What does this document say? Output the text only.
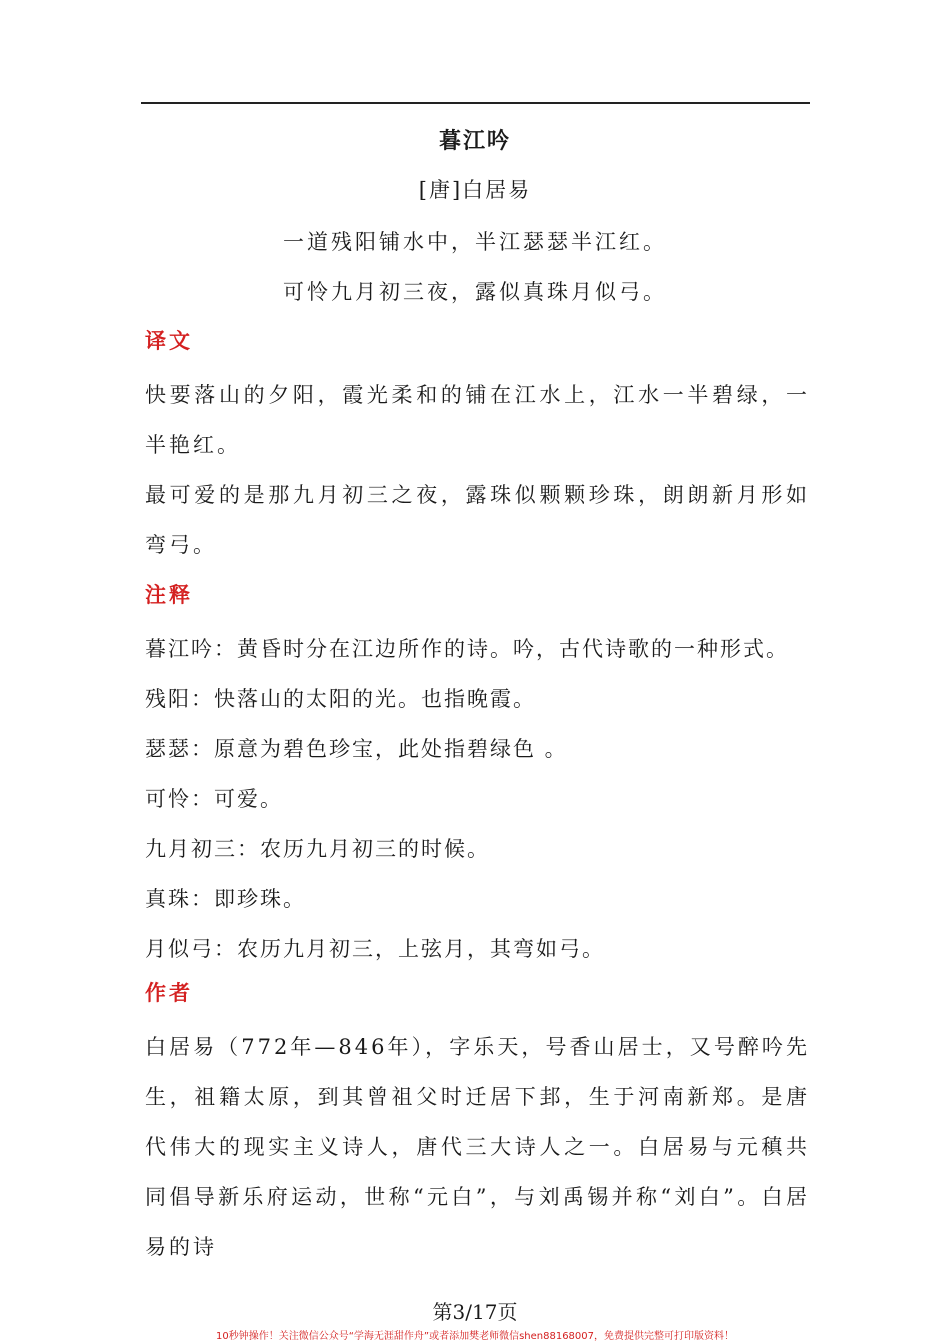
暮江吟
[唐]白居易
一道残阳铺水中，半江瑟瑟半江红。
可怜九月初三夜，露似真珠月似弓。
译文

快要落山的夕阳，霞光柔和的铺在江水上，江水一半碧绿，一半艳红。

最可爱的是那九月初三之夜，露珠似颗颗珍珠，朗朗新月形如弯弓。

注释
暮江吟：黄昏时分在江边所作的诗。吟，古代诗歌的一种形式。
残阳：快落山的太阳的光。也指晚霞。
瑟瑟：原意为碧色珍宝，此处指碧绿色 。
可怜：可爱。
九月初三：农历九月初三的时候。
真珠：即珍珠。
月似弓：农历九月初三，上弦月，其弯如弓。
作者

白居易（772年—846年），字乐天，号香山居士，又号醉吟先生，祖籍太原，到其曾祖父时迁居下邽，生于河南新郑。是唐代伟大的现实主义诗人，唐代三大诗人之一。白居易与元稹共同倡导新乐府运动，世称“元白”，与刘禹锡并称“刘白”。白居易的诗

第3/17页
10秒钟操作！关注微信公众号“学海无涯甜作舟”或者添加樊老师微信shen88168007，免费提供完整可打印版资料！
